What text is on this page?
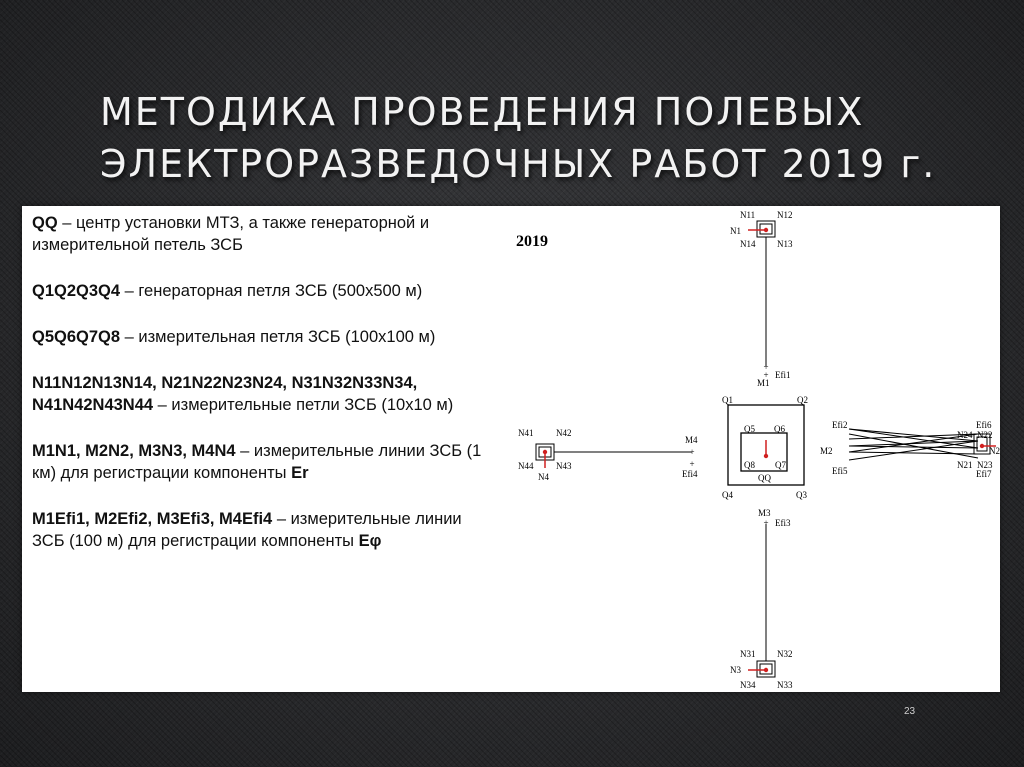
МЕТОДИКА ПРОВЕДЕНИЯ ПОЛЕВЫХ
ЭЛЕКТРОРАЗВЕДОЧНЫХ РАБОТ 2019 г.

QQ – центр установки МТЗ, а также генераторной и измерительной петель ЗСБ

Q1Q2Q3Q4 – генераторная петля ЗСБ (500х500 м)

Q5Q6Q7Q8 – измерительная петля ЗСБ (100х100 м)

N11N12N13N14, N21N22N23N24, N31N32N33N34, N41N42N43N44 – измерительные петли ЗСБ (10х10 м)

M1N1, M2N2, M3N3, M4N4 – измерительные линии ЗСБ (1 км) для регистрации компоненты Er

M1Efi1, M2Efi2, M3Efi3, M4Efi4 – измерительные линии ЗСБ (100 м) для регистрации компоненты Eφ

2019
N11 N12
N1
N14 N13
M1
Efi1
+
+
Q1	Q2
Q3
Q4
Q5 Q6
Q8 Q7
QQ
N41	N42
N44	N43
N4
M4
Efi4
+
+
Efi2
M2
Efi5
Efi6
N24 N22
N2
N21 N23
Efi7
M3
Efi3
+
N31 N32
N3
N34 N33
23
